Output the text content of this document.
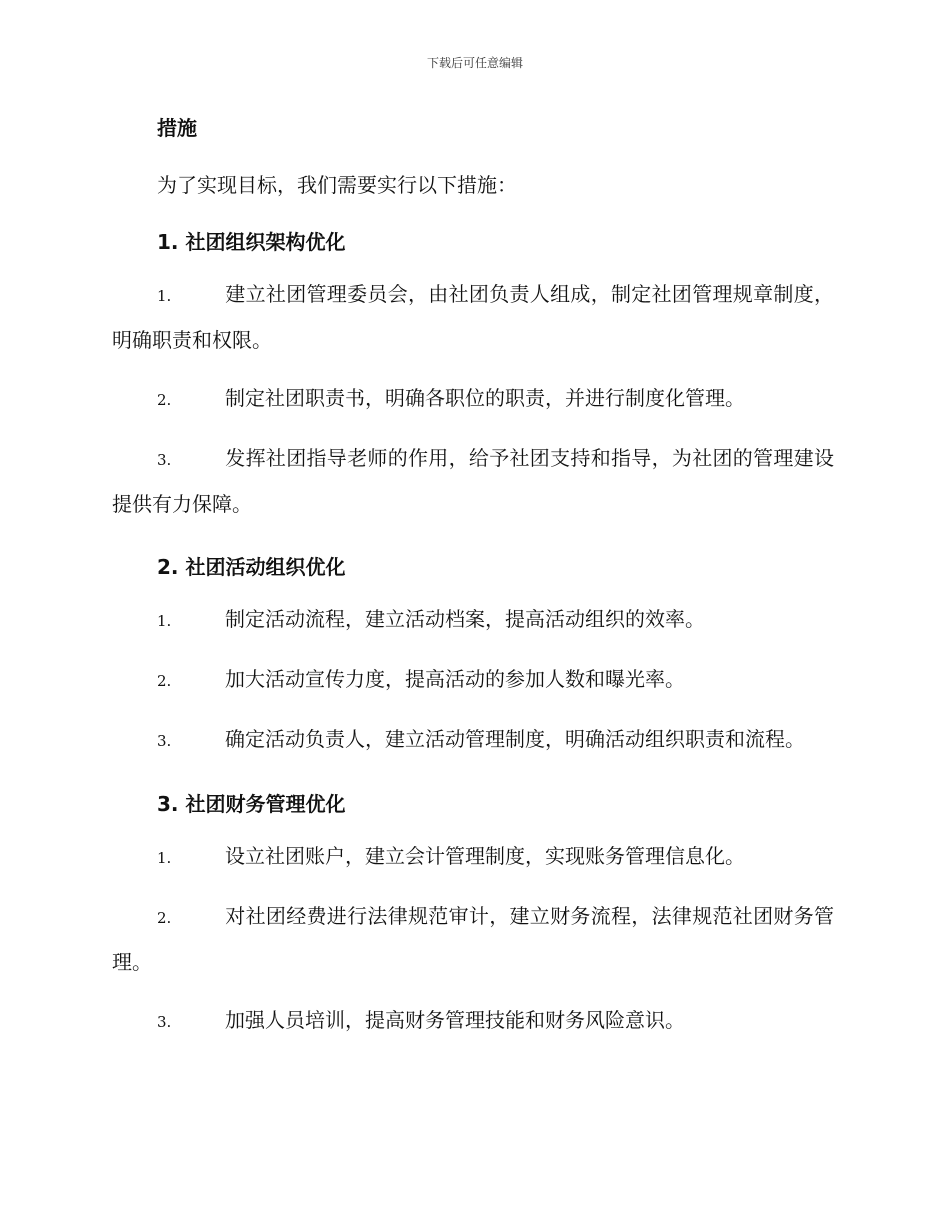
下载后可任意编辑
措施
为了实现目标，我们需要实行以下措施：
1. 社团组织架构优化
1.	建立社团管理委员会，由社团负责人组成，制定社团管理规章制度，明确职责和权限。
2.	制定社团职责书，明确各职位的职责，并进行制度化管理。
3.	发挥社团指导老师的作用，给予社团支持和指导，为社团的管理建设提供有力保障。
2. 社团活动组织优化
1.	制定活动流程，建立活动档案，提高活动组织的效率。
2.	加大活动宣传力度，提高活动的参加人数和曝光率。
3.	确定活动负责人，建立活动管理制度，明确活动组织职责和流程。
3. 社团财务管理优化
1.	设立社团账户，建立会计管理制度，实现账务管理信息化。
2.	对社团经费进行法律规范审计，建立财务流程，法律规范社团财务管理。
3.	加强人员培训，提高财务管理技能和财务风险意识。
